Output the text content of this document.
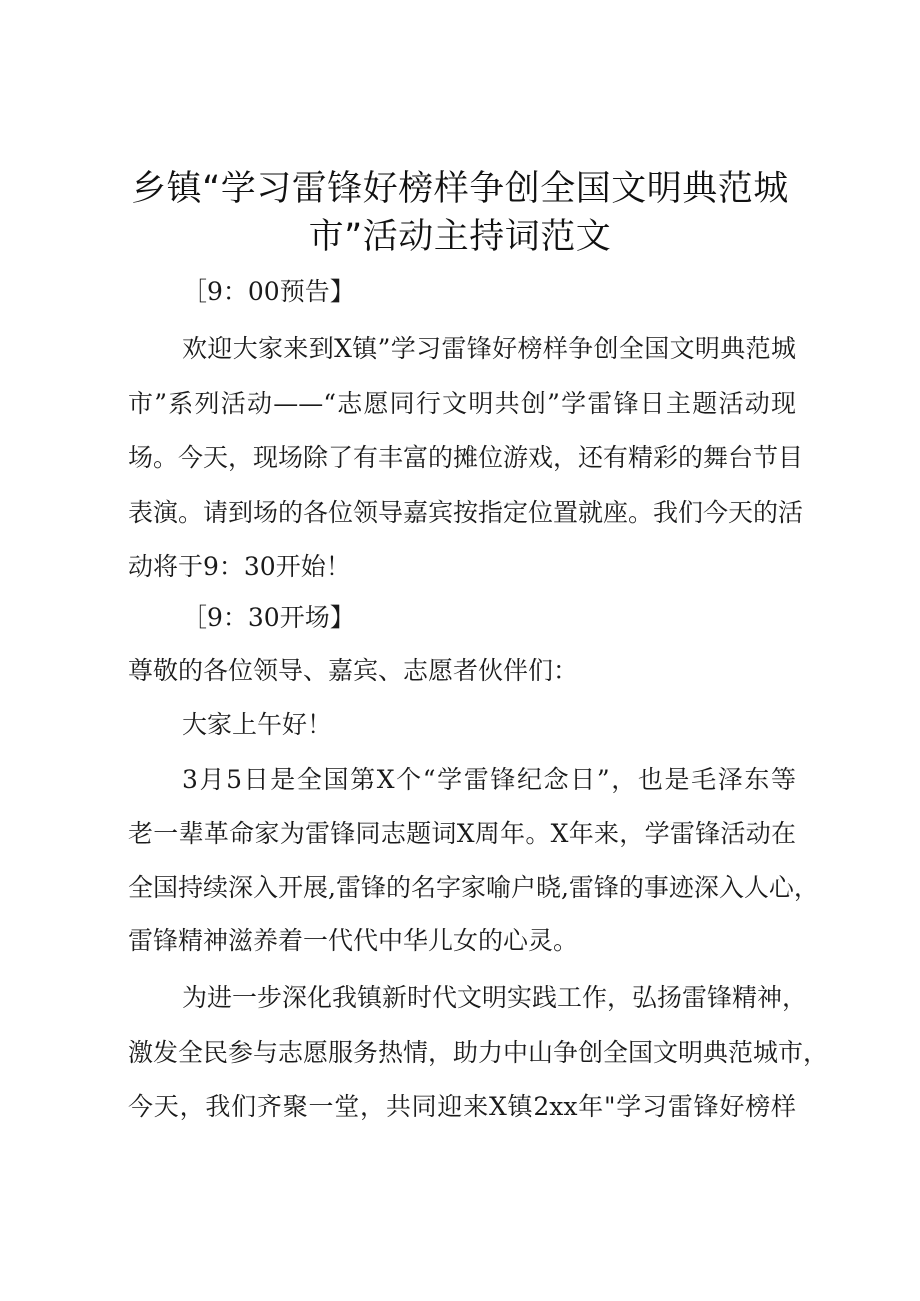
乡镇“学习雷锋好榜样争创全国文明典范城
市”活动主持词范文

［9：00预告】

欢迎大家来到X镇”学习雷锋好榜样争创全国文明典范城

市”系列活动——“志愿同行文明共创”学雷锋日主题活动现

场。今天，现场除了有丰富的摊位游戏，还有精彩的舞台节目

表演。请到场的各位领导嘉宾按指定位置就座。我们今天的活

动将于9：30开始！

［9：30开场】

尊敬的各位领导、嘉宾、志愿者伙伴们：

大家上午好！

3月5日是全国第X个“学雷锋纪念日”，也是毛泽东等

老一辈革命家为雷锋同志题词X周年。X年来，学雷锋活动在

全国持续深入开展,雷锋的名字家喻户晓,雷锋的事迹深入人心，

雷锋精神滋养着一代代中华儿女的心灵。

为进一步深化我镇新时代文明实践工作，弘扬雷锋精神，

激发全民参与志愿服务热情，助力中山争创全国文明典范城市，

今天，我们齐聚一堂，共同迎来X镇2xx年"学习雷锋好榜样
